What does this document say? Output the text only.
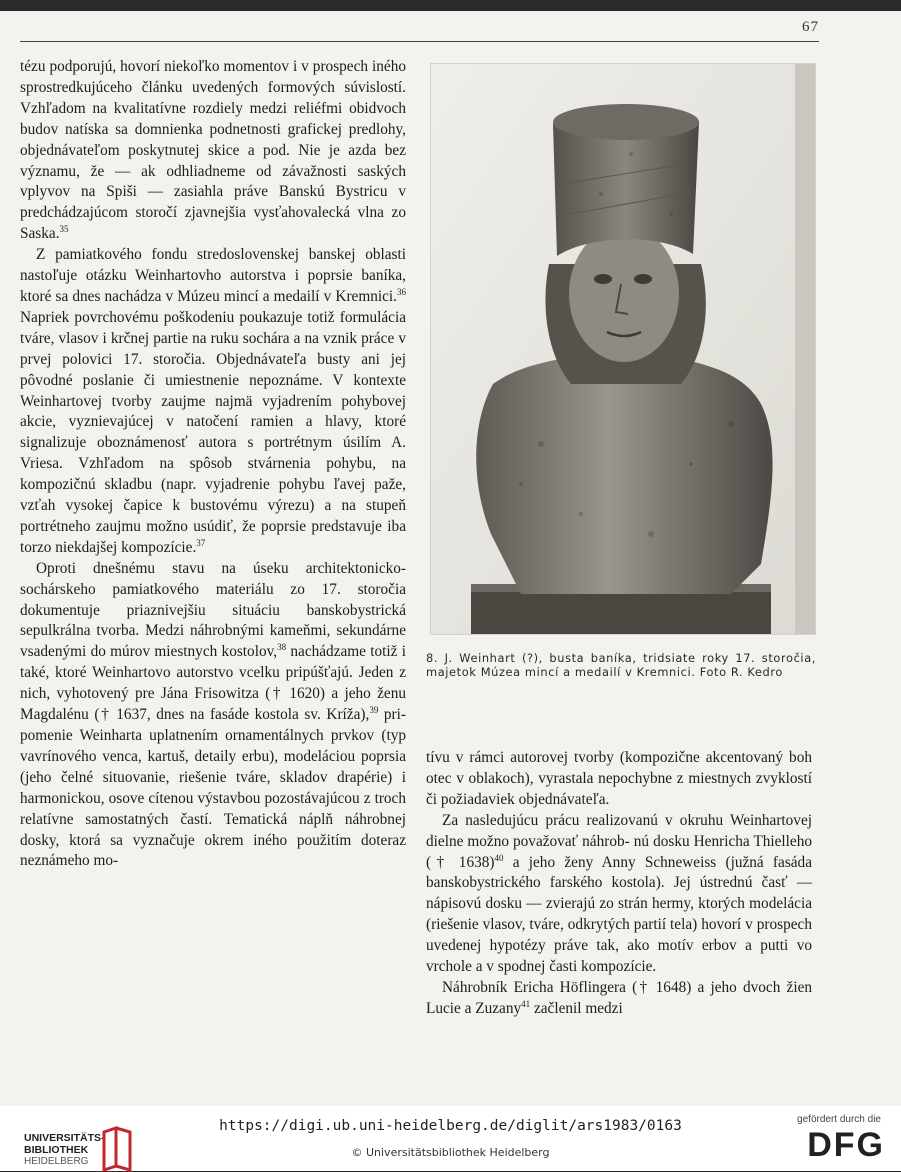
67

tézu podporujú, hovorí niekoľko momentov i v prospech iného sprostredkujúceho článku uvedených formových súvislostí. Vzhľadom na kvalitatívne rozdiely medzi reliéfmi obidvoch budov natíska sa domnienka podnetnosti grafickej predlohy, objednávateľom poskytnutej skice a pod. Nie je azda bez významu, že — ak odhliadneme od závažnosti saských vplyvov na Spiši — zasiahla práve Banskú Bystricu v predchádzajúcom storočí zjavnejšia vysťahovalecká vlna zo Saska.$^{35}$

Z pamiatkového fondu stredoslovenskej banskej oblasti nastoľuje otázku Weinhartovho autorstva i poprsie baníka, ktoré sa dnes nachádza v Múzeu mincí a medailí v Kremnici.$^{36}$ Napriek povrchovému poškodeniu poukazuje totiž formulácia tváre, vlasov i krčnej partie na ruku sochára a na vznik práce v prvej polovici 17. storočia. Objednávateľa busty ani jej pôvodné poslanie či umiestnenie nepoznáme. V kontexte Weinhartovej tvorby zaujme najmä vyjadrením pohybovej akcie, vyznievajúcej v natočení ramien a hlavy, ktoré signalizuje oboznámenosť autora s portrétnym úsilím A. Vriesa. Vzhľadom na spôsob stvárnenia pohybu, na kompozičnú skladbu (napr. vyjadrenie pohybu ľavej paže, vzťah vysokej čapice k bustovému výrezu) a na stupeň portrétneho zaujmu možno usúdiť, že poprsie predstavuje iba torzo niekdajšej kompozície.$^{37}$

Oproti dnešnému stavu na úseku architektonicko-sochárskeho pamiatkového materiálu zo 17. storočia dokumentuje priaznivejšiu situáciu banskobystrická sepulkrálna tvorba. Medzi náhrobnými kameňmi, sekundárne vsadenými do múrov miestnych kostolov,$^{38}$ nachádzame totiž i také, ktoré Weinhartovo autorstvo vcelku pripúšťajú. Jeden z nich, vyhotovený pre Jána Frisowitza († 1620) a jeho ženu Magdalénu († 1637, dnes na fasáde kostola sv. Kríža),$^{39}$ pri- pomenie Weinharta uplatnením ornamentálnych prvkov (typ vavrínového venca, kartuš, detaily erbu), modeláciou poprsia (jeho čelné situovanie, riešenie tváre, skladov drapérie) i harmonickou, osove cítenou výstavbou pozostávajúcou z troch relatívne samostatných častí. Tematická náplň náhrobnej dosky, ktorá sa vyznačuje okrem iného použitím doteraz neznámeho mo-

8. J. Weinhart (?), busta baníka, tridsiate roky 17. storočia, majetok Múzea mincí a medailí v Kremnici. Foto R. Kedro

tívu v rámci autorovej tvorby (kompozične akcentovaný boh otec v oblakoch), vyrastala nepochybne z miestnych zvyklostí či požiadaviek objednávateľa.

Za nasledujúcu prácu realizovanú v okruhu Weinhartovej dielne možno považovať náhrob- nú dosku Henricha Thielleho († 1638)$^{40}$ a jeho ženy Anny Schneweiss (južná fasáda banskobystrického farského kostola). Jej ústrednú časť — nápisovú dosku — zvierajú zo strán hermy, ktorých modelácia (riešenie vlasov, tváre, odkrytých partií tela) hovorí v prospech uvedenej hypotézy práve tak, ako motív erbov a putti vo vrchole a v spodnej časti kompozície.

Náhrobník Ericha Höflingera († 1648) a jeho dvoch žien Lucie a Zuzany$^{41}$ začlenil medzi

UNIVERSITÄTS-
BIBLIOTHEK
HEIDELBERG
https://digi.ub.uni-heidelberg.de/diglit/ars1983/0163
© Universitätsbibliothek Heidelberg
gefördert durch die
DFG
